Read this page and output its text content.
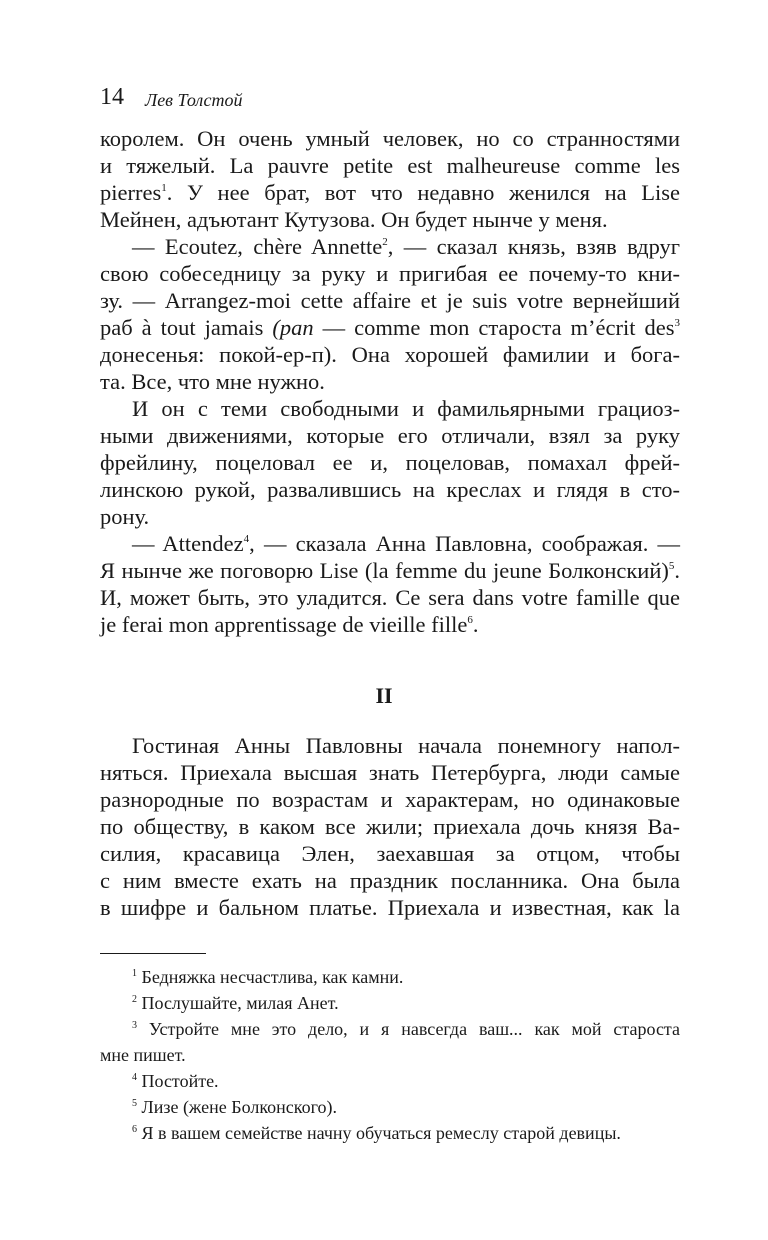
14 Лев Толстой
королем. Он очень умный человек, но со странностями
и тяжелый. La pauvre petite est malheureuse comme les
pierres$^1$. У нее брат, вот что недавно женился на Lise
Мейнен, адъютант Кутузова. Он будет нынче у меня.
— Ecoutez, chère Annette$^2$, — сказал князь, взяв вдруг
свою собеседницу за руку и пригибая ее почему-то кни-
зу. — Arrangez-moi cette affaire et je suis votre вернейший
раб à tout jamais (pan — comme mon староста m’écrit des$^3$
донесенья: покой-ер-п). Она хорошей фамилии и бога-
та. Все, что мне нужно.
И он с теми свободными и фамильярными грациоз-
ными движениями, которые его отличали, взял за руку
фрейлину, поцеловал ее и, поцеловав, помахал фрей-
линскою рукой, развалившись на креслах и глядя в сто-
рону.
— Attendez$^4$, — сказала Анна Павловна, соображая. —
Я нынче же поговорю Lise (la femme du jeune Болконский)$^5$.
И, может быть, это уладится. Ce sera dans votre famille que
je ferai mon apprentissage de vieille fille$^6$.
II
Гостиная Анны Павловны начала понемногу напол-
няться. Приехала высшая знать Петербурга, люди самые
разнородные по возрастам и характерам, но одинаковые
по обществу, в каком все жили; приехала дочь князя Ва-
силия, красавица Элен, заехавшая за отцом, чтобы
с ним вместе ехать на праздник посланника. Она была
в шифре и бальном платье. Приехала и известная, как la
$^1$ Бедняжка несчастлива, как камни.
$^2$ Послушайте, милая Анет.
$^3$ Устройте мне это дело, и я навсегда ваш... как мой староста
мне пишет.
$^4$ Постойте.
$^5$ Лизе (жене Болконского).
$^6$ Я в вашем семействе начну обучаться ремеслу старой девицы.
